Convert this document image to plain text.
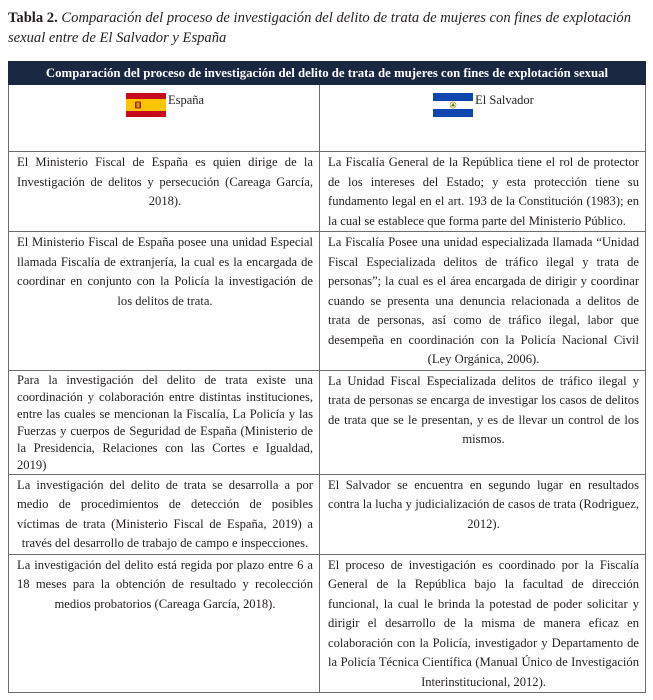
Tabla 2. Comparación del proceso de investigación del delito de trata de mujeres con fines de explotación sexual entre de El Salvador y España
Comparación del proceso de investigación del delito de trata de mujeres con fines de explotación sexual	

España	El Salvador

El Ministerio Fiscal de España es quien dirige de la Investigación de delitos y persecución (Careaga García, 2018).	La Fiscalía General de la República tiene el rol de protector de los intereses del Estado; y esta protección tiene su fundamento legal en el art. 193 de la Constitución (1983); en la cual se establece que forma parte del Ministerio Público.
El Ministerio Fiscal de España posee una unidad Especial llamada Fiscalía de extranjería, la cual es la encargada de coordinar en conjunto con la Policía la investigación de los delitos de trata.	La Fiscalía Posee una unidad especializada llamada “Unidad Fiscal Especializada delitos de tráfico ilegal y trata de personas”; la cual es el área encargada de dirigir y coordinar cuando se presenta una denuncia relacionada a delitos de trata de personas, así como de tráfico ilegal, labor que desempeña en coordinación con la Policía Nacional Civil (Ley Orgánica, 2006).
Para la investigación del delito de trata existe una coordinación y colaboración entre distintas instituciones, entre las cuales se mencionan la Fiscalía, La Policía y las Fuerzas y cuerpos de Seguridad de España (Ministerio de la Presidencia, Relaciones con las Cortes e Igualdad, 2019)	La Unidad Fiscal Especializada delitos de tráfico ilegal y trata de personas se encarga de investigar los casos de delitos de trata que se le presentan, y es de llevar un control de los mismos.
La investigación del delito de trata se desarrolla a por medio de procedimientos de detección de posibles víctimas de trata (Ministerio Fiscal de España, 2019) a través del desarrollo de trabajo de campo e inspecciones.	El Salvador se encuentra en segundo lugar en resultados contra la lucha y judicialización de casos de trata (Rodriguez, 2012).
La investigación del delito está regida por plazo entre 6 a 18 meses para la obtención de resultado y recolección medios probatorios (Careaga García, 2018).	El proceso de investigación es coordinado por la Fiscalía General de la República bajo la facultad de dirección funcional, la cual le brinda la potestad de poder solicitar y dirigir el desarrollo de la misma de manera eficaz en colaboración con la Policía, investigador y Departamento de la Policía Técnica Científica (Manual Único de Investigación Interinstitucional, 2012).
